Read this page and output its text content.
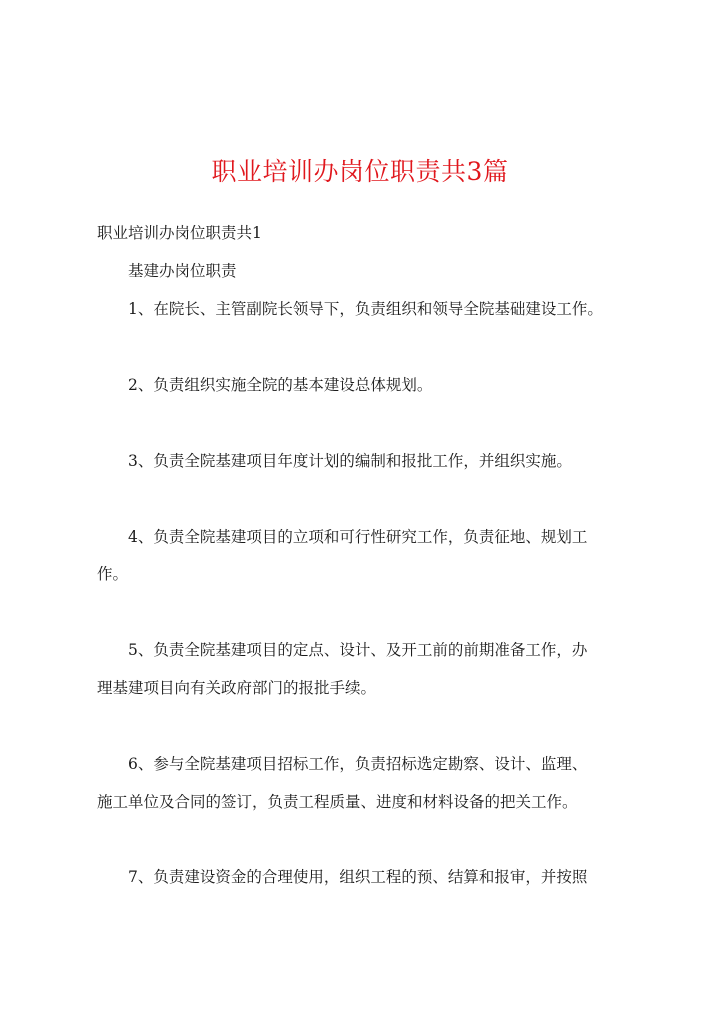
职业培训办岗位职责共3篇
职业培训办岗位职责共1
基建办岗位职责
1、在院长、主管副院长领导下，负责组织和领导全院基础建设工作。
2、负责组织实施全院的基本建设总体规划。
3、负责全院基建项目年度计划的编制和报批工作，并组织实施。
4、负责全院基建项目的立项和可行性研究工作，负责征地、规划工
作。
5、负责全院基建项目的定点、设计、及开工前的前期准备工作，办
理基建项目向有关政府部门的报批手续。
6、参与全院基建项目招标工作，负责招标选定勘察、设计、监理、
施工单位及合同的签订，负责工程质量、进度和材料设备的把关工作。
7、负责建设资金的合理使用，组织工程的预、结算和报审，并按照
